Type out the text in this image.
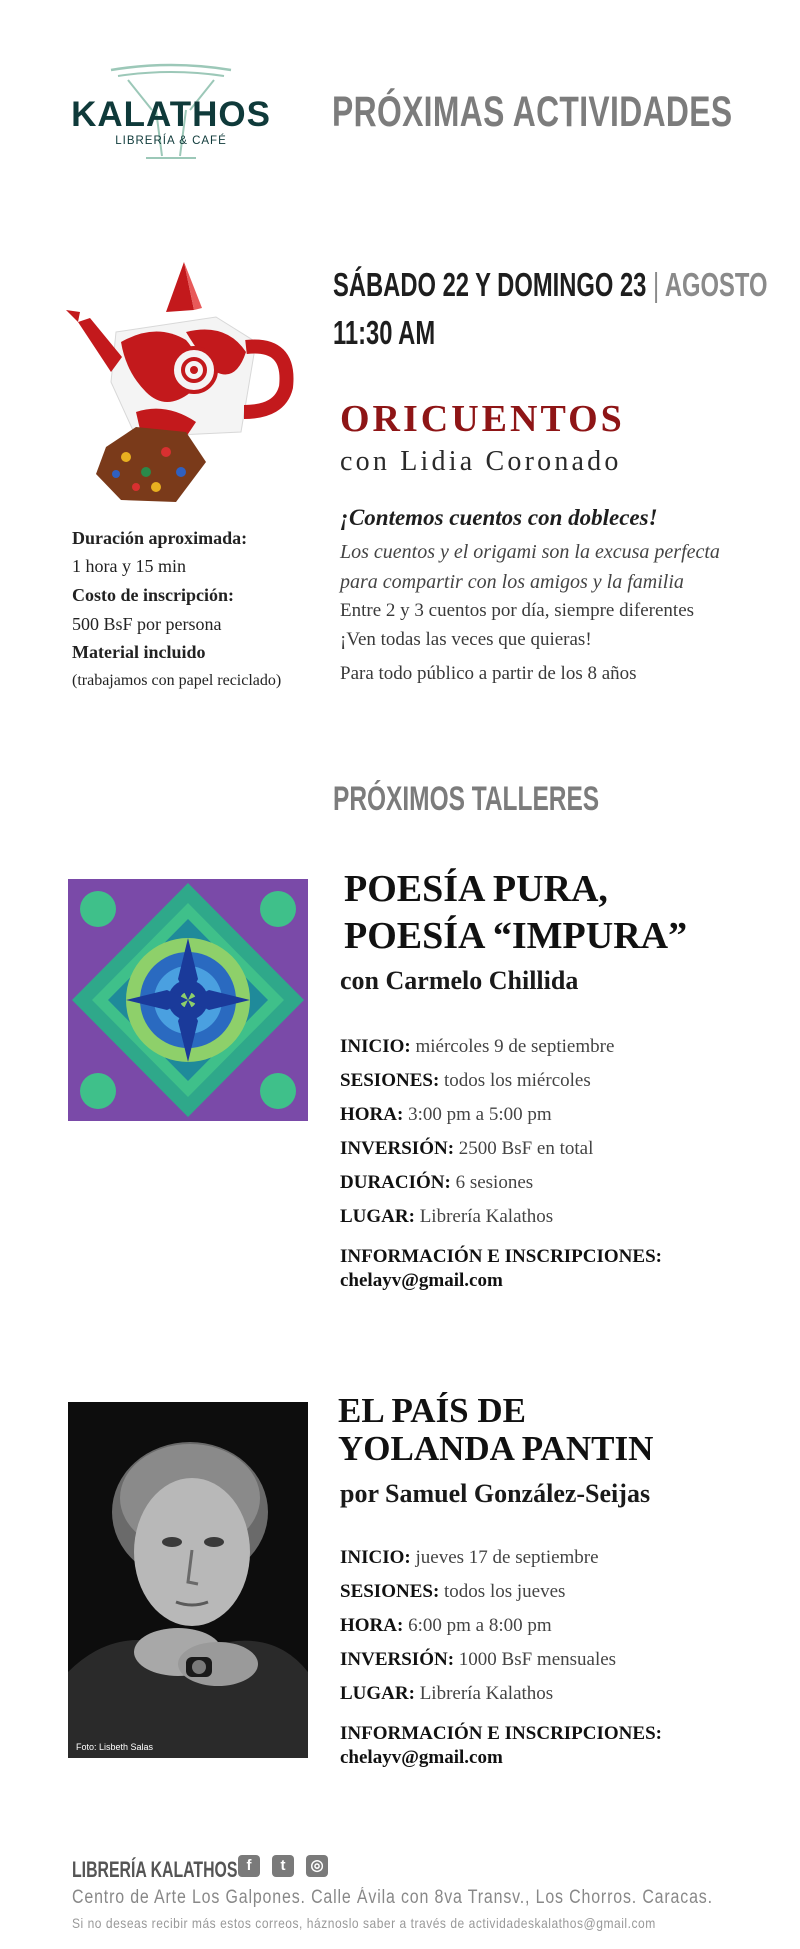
KALATHOS
LIBRERÍA & CAFÉ
PRÓXIMAS ACTIVIDADES
SÁBADO 22 Y DOMINGO 23 | AGOSTO
11:30 AM
ORICUENTOS
con Lidia Coronado
¡Contemos cuentos con dobleces!
Los cuentos y el origami son la excusa perfecta
para compartir con los amigos y la familia
Entre 2 y 3 cuentos por día, siempre diferentes
¡Ven todas las veces que quieras!
Para todo público a partir de los 8 años
Duración aproximada:
1 hora y 15 min
Costo de inscripción:
500 BsF por persona
Material incluido
(trabajamos con papel reciclado)
PRÓXIMOS TALLERES
POESÍA PURA,
POESÍA “IMPURA”
con Carmelo Chillida
INICIO: miércoles 9 de septiembre
SESIONES: todos los miércoles
HORA: 3:00 pm a 5:00 pm
INVERSIÓN: 2500 BsF en total
DURACIÓN: 6 sesiones
LUGAR: Librería Kalathos
INFORMACIÓN E INSCRIPCIONES:
chelayv@gmail.com
Foto: Lisbeth Salas
EL PAÍS DE
YOLANDA PANTIN
por Samuel González-Seijas
INICIO: jueves 17 de septiembre
SESIONES: todos los jueves
HORA: 6:00 pm a 8:00 pm
INVERSIÓN: 1000 BsF mensuales
LUGAR: Librería Kalathos
INFORMACIÓN E INSCRIPCIONES:
chelayv@gmail.com
LIBRERÍA KALATHOS f	t	◎
Centro de Arte Los Galpones. Calle Ávila con 8va Transv., Los Chorros. Caracas.
Si no deseas recibir más estos correos, háznoslo saber a través de actividadeskalathos@gmail.com
